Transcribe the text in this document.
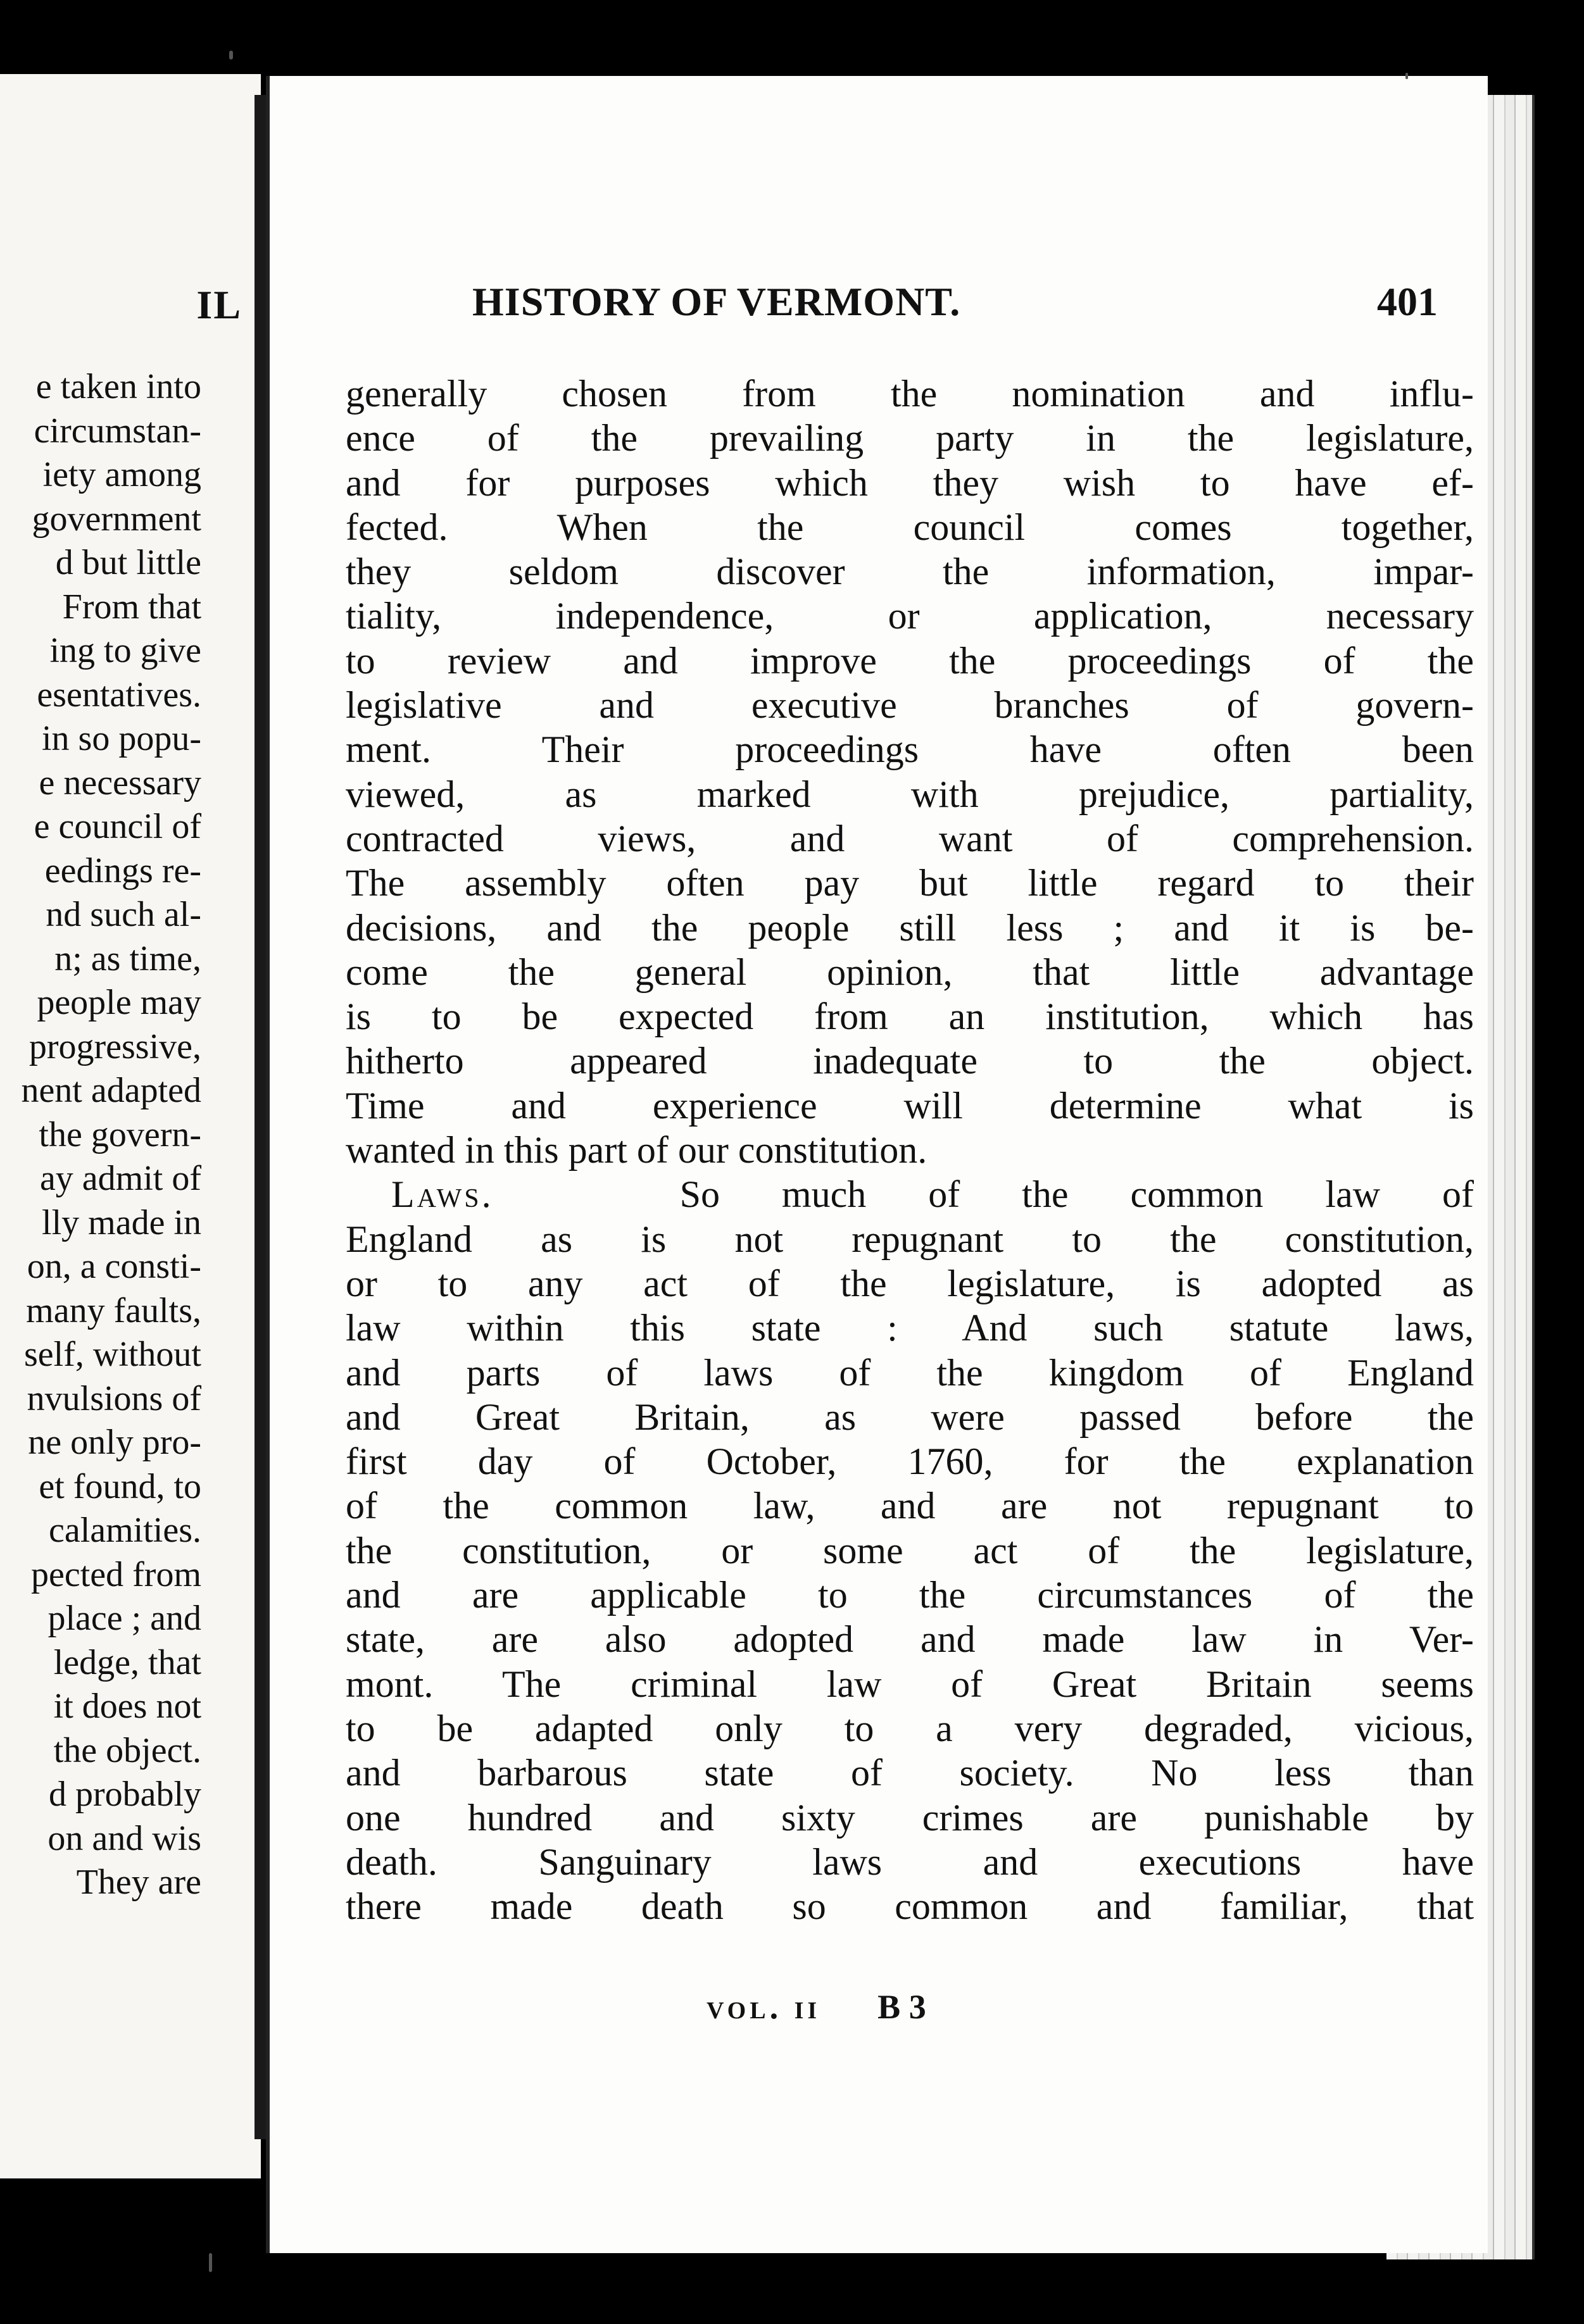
IL
e taken into
circumstan-
iety among
government
d but little
From that
ing to give
esentatives.
in so popu-
e necessary
e council of
eedings re-
nd such al-
n; as time,
people may
progressive,
nent adapted
the govern-
ay admit of
lly made in
on, a consti-
many faults,
self, without
nvulsions of
ne only pro-
et found, to
calamities.
pected from
place ; and
ledge, that
it does not
the object.
d probably
on and wis
They are
HISTORY OF VERMONT.	401
generally chosen from the nomination and influ-
ence of the prevailing party in the legislature,
and for purposes which they wish to have ef-
fected. When the council comes together,
they seldom discover the information, impar-
tiality, independence, or application, necessary
to review and improve the proceedings of the
legislative and executive branches of govern-
ment. Their proceedings have often been
viewed, as marked with prejudice, partiality,
contracted views, and want of comprehension.
The assembly often pay but little regard to their
decisions, and the people still less ; and it is be-
come the general opinion, that little advantage
is to be expected from an institution, which has
hitherto appeared inadequate to the object.
Time and experience will determine what is
wanted in this part of our constitution.
Laws.	So much of the common law of
England as is not repugnant to the constitution,
or to any act of the legislature, is adopted as
law within this state : And such statute laws,
and parts of laws of the kingdom of England
and Great Britain, as were passed before the
first day of October, 1760, for the explanation
of the common law, and are not repugnant to
the constitution, or some act of the legislature,
and are applicable to the circumstances of the
state, are also adopted and made law in Ver-
mont. The criminal law of Great Britain seems
to be adapted only to a very degraded, vicious,
and barbarous state of society. No less than
one hundred and sixty crimes are punishable by
death. Sanguinary laws and executions have
there made death so common and familiar, that
vol. ii B 3
